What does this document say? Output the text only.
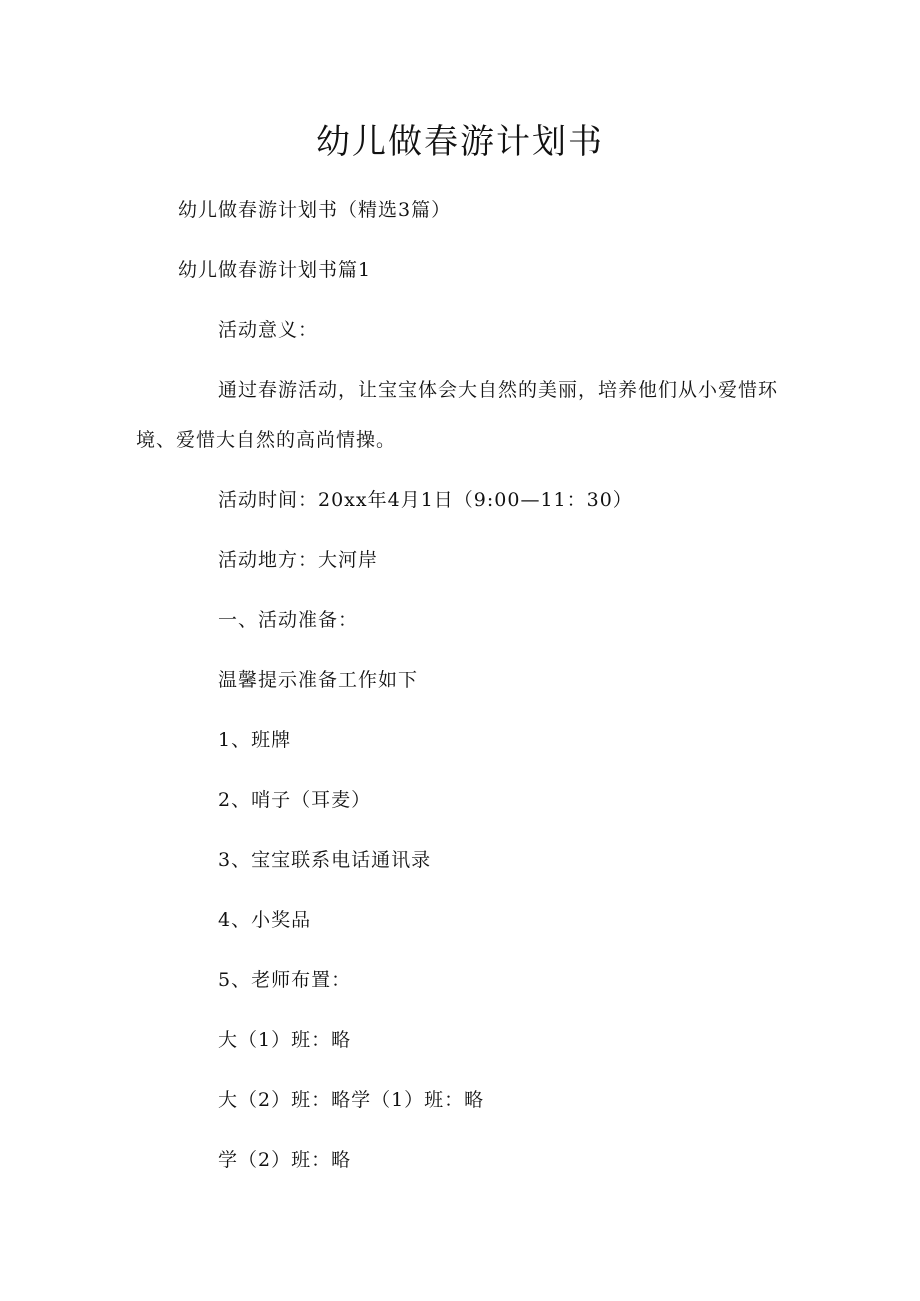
幼儿做春游计划书

幼儿做春游计划书（精选3篇）

幼儿做春游计划书篇1

活动意义：

通过春游活动，让宝宝体会大自然的美丽，培养他们从小爱惜环

境、爱惜大自然的高尚情操。

活动时间：20xx年4月1日（9:00—11：30）

活动地方：大河岸

一、活动准备：

温馨提示准备工作如下

1、班牌

2、哨子（耳麦）

3、宝宝联系电话通讯录

4、小奖品

5、老师布置：

大（1）班：略

大（2）班：略学（1）班：略

学（2）班：略
